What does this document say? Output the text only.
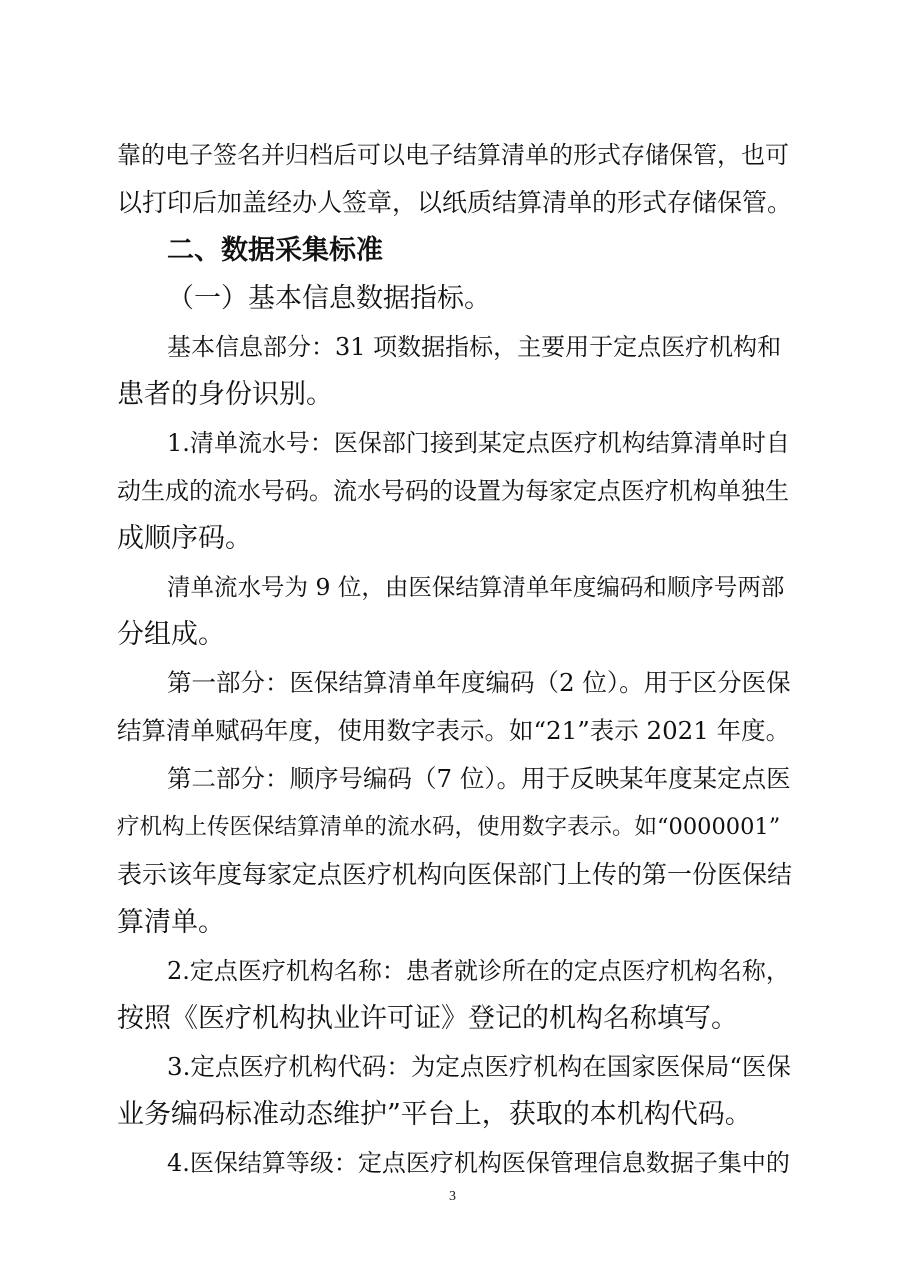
靠的电子签名并归档后可以电子结算清单的形式存储保管，也可

以打印后加盖经办人签章，以纸质结算清单的形式存储保管。

二、数据采集标准

（一）基本信息数据指标。

基本信息部分：31 项数据指标，主要用于定点医疗机构和

患者的身份识别。

1.清单流水号：医保部门接到某定点医疗机构结算清单时自

动生成的流水号码。流水号码的设置为每家定点医疗机构单独生

成顺序码。

清单流水号为 9 位，由医保结算清单年度编码和顺序号两部

分组成。

第一部分：医保结算清单年度编码（2 位）。用于区分医保

结算清单赋码年度，使用数字表示。如“21”表示 2021 年度。

第二部分：顺序号编码（7 位）。用于反映某年度某定点医

疗机构上传医保结算清单的流水码，使用数字表示。如“0000001”

表示该年度每家定点医疗机构向医保部门上传的第一份医保结

算清单。

2.定点医疗机构名称：患者就诊所在的定点医疗机构名称，

按照《医疗机构执业许可证》登记的机构名称填写。

3.定点医疗机构代码：为定点医疗机构在国家医保局“医保

业务编码标准动态维护”平台上，获取的本机构代码。

4.医保结算等级：定点医疗机构医保管理信息数据子集中的

3
